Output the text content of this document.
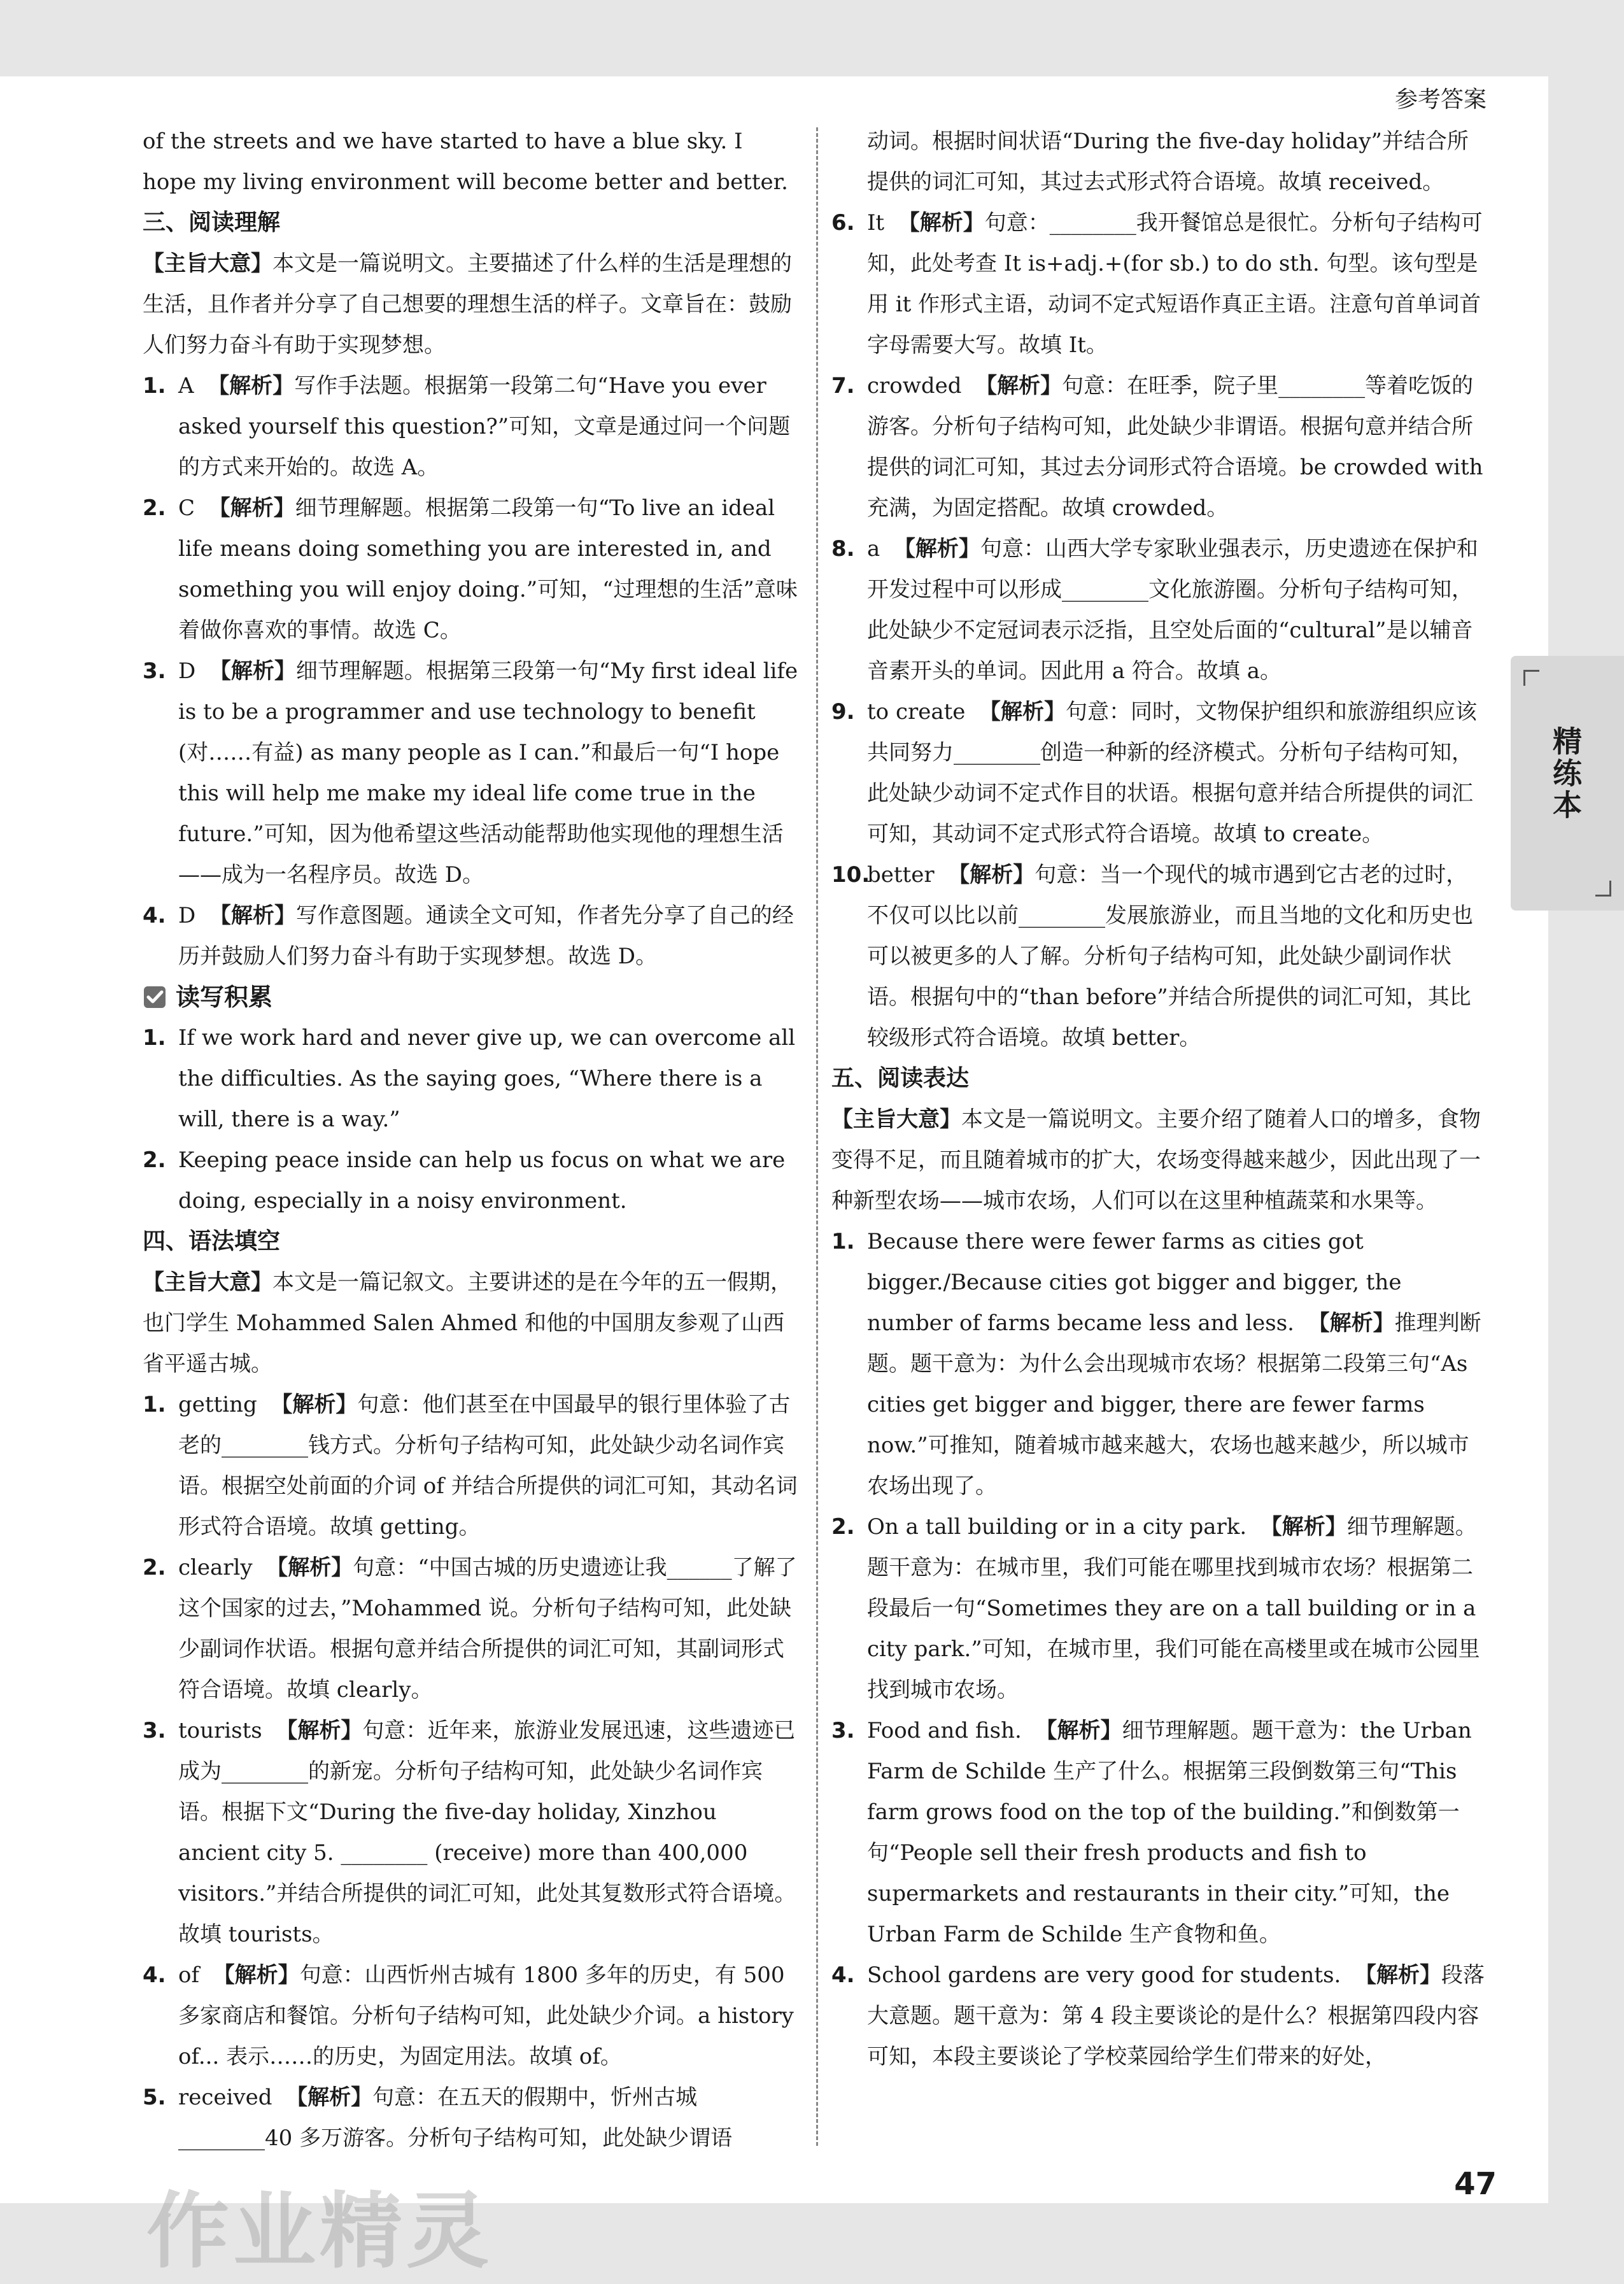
参考答案

of the streets and we have started to have a blue sky. I hope my living environment will become better and better.

三、阅读理解

【主旨大意】本文是一篇说明文。主要描述了什么样的生活是理想的生活，且作者并分享了自己想要的理想生活的样子。文章旨在：鼓励人们努力奋斗有助于实现梦想。

1. A 【解析】写作手法题。根据第一段第二句“Have you ever asked yourself this question?”可知，文章是通过问一个问题的方式来开始的。故选 A。

2. C 【解析】细节理解题。根据第二段第一句“To live an ideal life means doing something you are interested in, and something you will enjoy doing.”可知，“过理想的生活”意味着做你喜欢的事情。故选 C。

3. D 【解析】细节理解题。根据第三段第一句“My first ideal life is to be a programmer and use technology to benefit (对……有益) as many people as I can.”和最后一句“I hope this will help me make my ideal life come true in the future.”可知，因为他希望这些活动能帮助他实现他的理想生活——成为一名程序员。故选 D。

4. D 【解析】写作意图题。通读全文可知，作者先分享了自己的经历并鼓励人们努力奋斗有助于实现梦想。故选 D。

读写积累

1. If we work hard and never give up, we can overcome all the difficulties. As the saying goes, “Where there is a will, there is a way.”

2. Keeping peace inside can help us focus on what we are doing, especially in a noisy environment.

四、语法填空

【主旨大意】本文是一篇记叙文。主要讲述的是在今年的五一假期，也门学生 Mohammed Salen Ahmed 和他的中国朋友参观了山西省平遥古城。

1. getting 【解析】句意：他们甚至在中国最早的银行里体验了古老的________钱方式。分析句子结构可知，此处缺少动名词作宾语。根据空处前面的介词 of 并结合所提供的词汇可知，其动名词形式符合语境。故填 getting。

2. clearly 【解析】句意：“中国古城的历史遗迹让我______了解了这个国家的过去，”Mohammed 说。分析句子结构可知，此处缺少副词作状语。根据句意并结合所提供的词汇可知，其副词形式符合语境。故填 clearly。

3. tourists 【解析】句意：近年来，旅游业发展迅速，这些遗迹已成为________的新宠。分析句子结构可知，此处缺少名词作宾语。根据下文“During the five-day holiday, Xinzhou ancient city 5. ________ (receive) more than 400,000 visitors.”并结合所提供的词汇可知，此处其复数形式符合语境。故填 tourists。

4. of 【解析】句意：山西忻州古城有 1800 多年的历史，有 500 多家商店和餐馆。分析句子结构可知，此处缺少介词。a history of... 表示……的历史，为固定用法。故填 of。

5. received 【解析】句意：在五天的假期中，忻州古城________40 多万游客。分析句子结构可知，此处缺少谓语

动词。根据时间状语“During the five-day holiday”并结合所提供的词汇可知，其过去式形式符合语境。故填 received。

6. It 【解析】句意：________我开餐馆总是很忙。分析句子结构可知，此处考查 It is+adj.+(for sb.) to do sth. 句型。该句型是用 it 作形式主语，动词不定式短语作真正主语。注意句首单词首字母需要大写。故填 It。

7. crowded 【解析】句意：在旺季，院子里________等着吃饭的游客。分析句子结构可知，此处缺少非谓语。根据句意并结合所提供的词汇可知，其过去分词形式符合语境。be crowded with 充满，为固定搭配。故填 crowded。

8. a 【解析】句意：山西大学专家耿业强表示，历史遗迹在保护和开发过程中可以形成________文化旅游圈。分析句子结构可知，此处缺少不定冠词表示泛指，且空处后面的“cultural”是以辅音音素开头的单词。因此用 a 符合。故填 a。

9. to create 【解析】句意：同时，文物保护组织和旅游组织应该共同努力________创造一种新的经济模式。分析句子结构可知，此处缺少动词不定式作目的状语。根据句意并结合所提供的词汇可知，其动词不定式形式符合语境。故填 to create。

10.
better 【解析】句意：当一个现代的城市遇到它古老的过时，不仅可以比以前________发展旅游业，而且当地的文化和历史也可以被更多的人了解。分析句子结构可知，此处缺少副词作状语。根据句中的“than before”并结合所提供的词汇可知，其比较级形式符合语境。故填 better。

五、阅读表达

【主旨大意】本文是一篇说明文。主要介绍了随着人口的增多，食物变得不足，而且随着城市的扩大，农场变得越来越少，因此出现了一种新型农场——城市农场，人们可以在这里种植蔬菜和水果等。

1. Because there were fewer farms as cities got bigger./Because cities got bigger and bigger, the number of farms became less and less. 【解析】推理判断题。题干意为：为什么会出现城市农场？根据第二段第三句“As cities get bigger and bigger, there are fewer farms now.”可推知，随着城市越来越大，农场也越来越少，所以城市农场出现了。

2. On a tall building or in a city park. 【解析】细节理解题。题干意为：在城市里，我们可能在哪里找到城市农场？根据第二段最后一句“Sometimes they are on a tall building or in a city park.”可知，在城市里，我们可能在高楼里或在城市公园里找到城市农场。

3. Food and fish. 【解析】细节理解题。题干意为：the Urban Farm de Schilde 生产了什么。根据第三段倒数第三句“This farm grows food on the top of the building.”和倒数第一句“People sell their fresh products and fish to supermarkets and restaurants in their city.”可知，the Urban Farm de Schilde 生产食物和鱼。

4. School gardens are very good for students. 【解析】段落大意题。题干意为：第 4 段主要谈论的是什么？根据第四段内容可知，本段主要谈论了学校菜园给学生们带来的好处，

精练本
47
作业精灵
